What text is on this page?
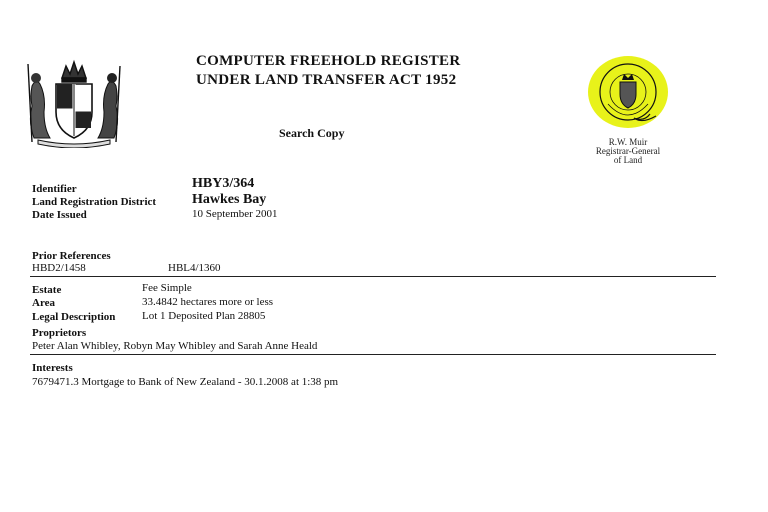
COMPUTER FREEHOLD REGISTER
UNDER LAND TRANSFER ACT 1952
Search Copy
R.W. Muir
Registrar-General
of Land
Identifier
Land Registration District
Date Issued
HBY3/364
Hawkes Bay
10 September 2001
Prior References
HBD2/1458	HBL4/1360
Estate
Area
Legal Description
Fee Simple
33.4842 hectares more or less
Lot 1 Deposited Plan 28805
Proprietors
Peter Alan Whibley, Robyn May Whibley and Sarah Anne Heald
Interests
7679471.3 Mortgage to Bank of New Zealand - 30.1.2008 at 1:38 pm
